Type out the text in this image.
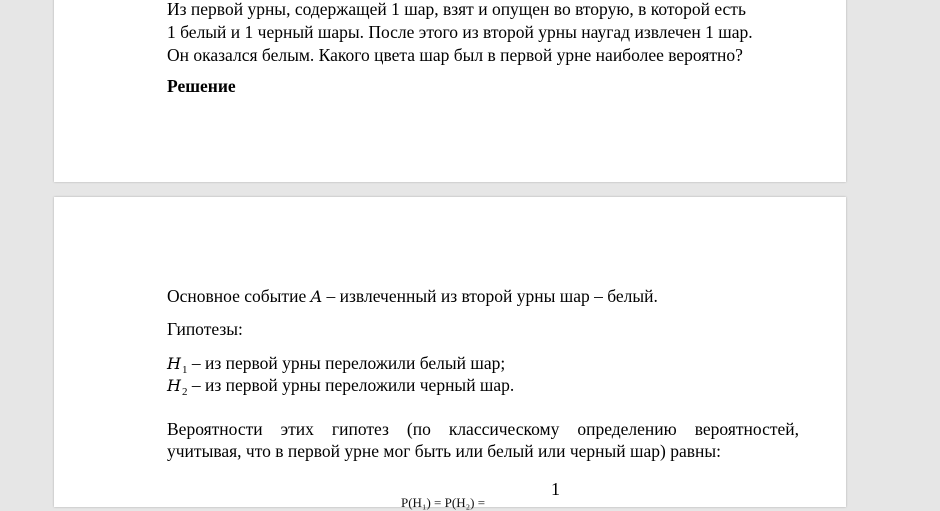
Из первой урны, содержащей 1 шар, взят и опущен во вторую, в которой есть
1 белый и 1 черный шары. После этого из второй урны наугад извлечен 1 шар.
Он оказался белым. Какого цвета шар был в первой урне наиболее вероятно?
Решение
Основное событие A – извлеченный из второй урны шар – белый.
Гипотезы:
$H_1$ – из первой урны переложили белый шар;
$H_2$ – из первой урны переложили черный шар.
Вероятности этих гипотез (по классическому определению вероятностей,
учитывая, что в первой урне мог быть или белый или черный шар) равны:
1
P(H₁) = P(H₂) =
